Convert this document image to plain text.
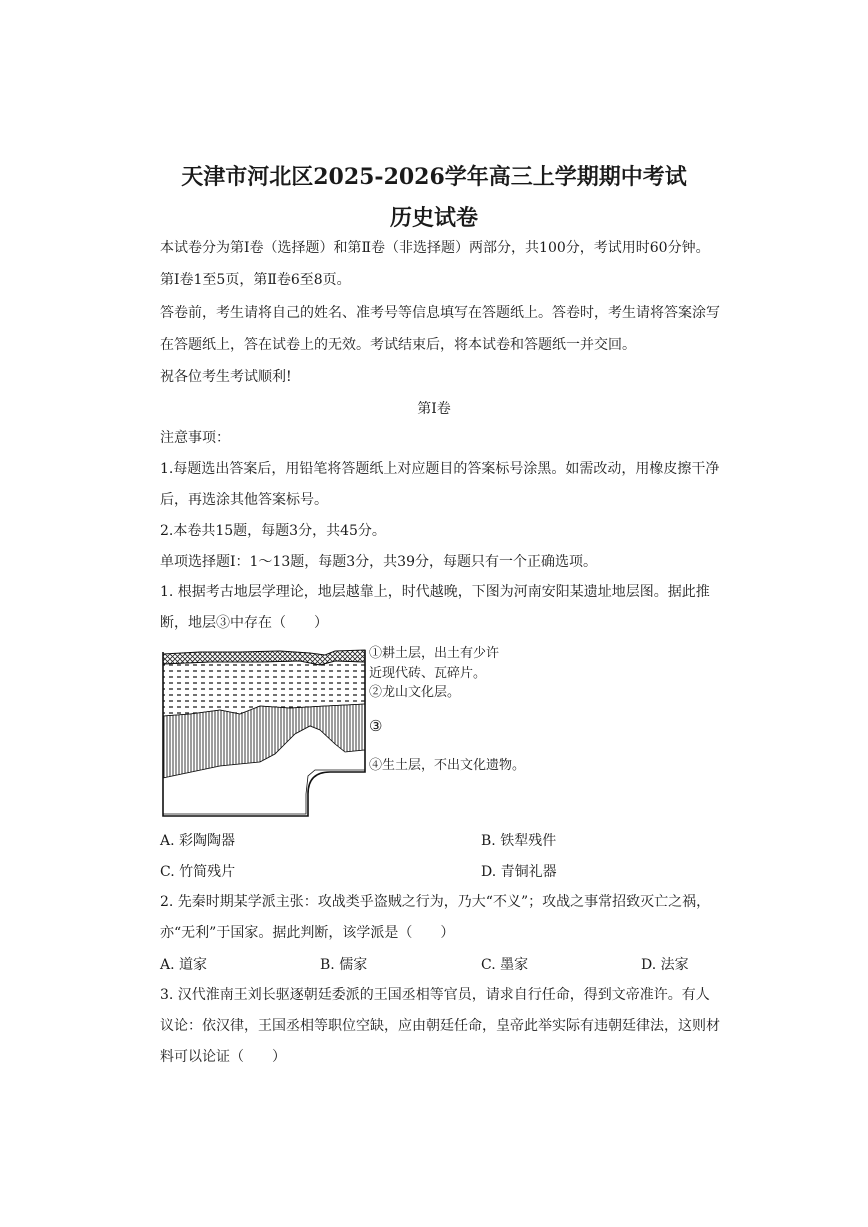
天津市河北区2025-2026学年高三上学期期中考试
历史试卷
本试卷分为第Ⅰ卷（选择题）和第Ⅱ卷（非选择题）两部分，共100分，考试用时60分钟。
第Ⅰ卷1至5页，第Ⅱ卷6至8页。
答卷前，考生请将自己的姓名、准考号等信息填写在答题纸上。答卷时，考生请将答案涂写
在答题纸上，答在试卷上的无效。考试结束后，将本试卷和答题纸一并交回。
祝各位考生考试顺利!
第Ⅰ卷
注意事项：
1.每题选出答案后，用铅笔将答题纸上对应题目的答案标号涂黑。如需改动，用橡皮擦干净
后，再选涂其他答案标号。
2.本卷共15题，每题3分，共45分。
单项选择题Ⅰ：1～13题，每题3分，共39分，每题只有一个正确选项。
1. 根据考古地层学理论，地层越靠上，时代越晚，下图为河南安阳某遗址地层图。据此推
断，地层③中存在（　　）
①耕土层，出土有少许
近现代砖、瓦碎片。
②龙山文化层。
③
④生土层，不出文化遗物。
A. 彩陶陶器	B. 铁犁残件
C. 竹简残片	D. 青铜礼器
2. 先秦时期某学派主张：攻战类乎盗贼之行为，乃大“不义”；攻战之事常招致灭亡之祸，
亦“无利”于国家。据此判断，该学派是（　　）
A. 道家	B. 儒家	C. 墨家	D. 法家
3. 汉代淮南王刘长驱逐朝廷委派的王国丞相等官员，请求自行任命，得到文帝准许。有人
议论：依汉律，王国丞相等职位空缺，应由朝廷任命，皇帝此举实际有违朝廷律法，这则材
料可以论证（　　）
